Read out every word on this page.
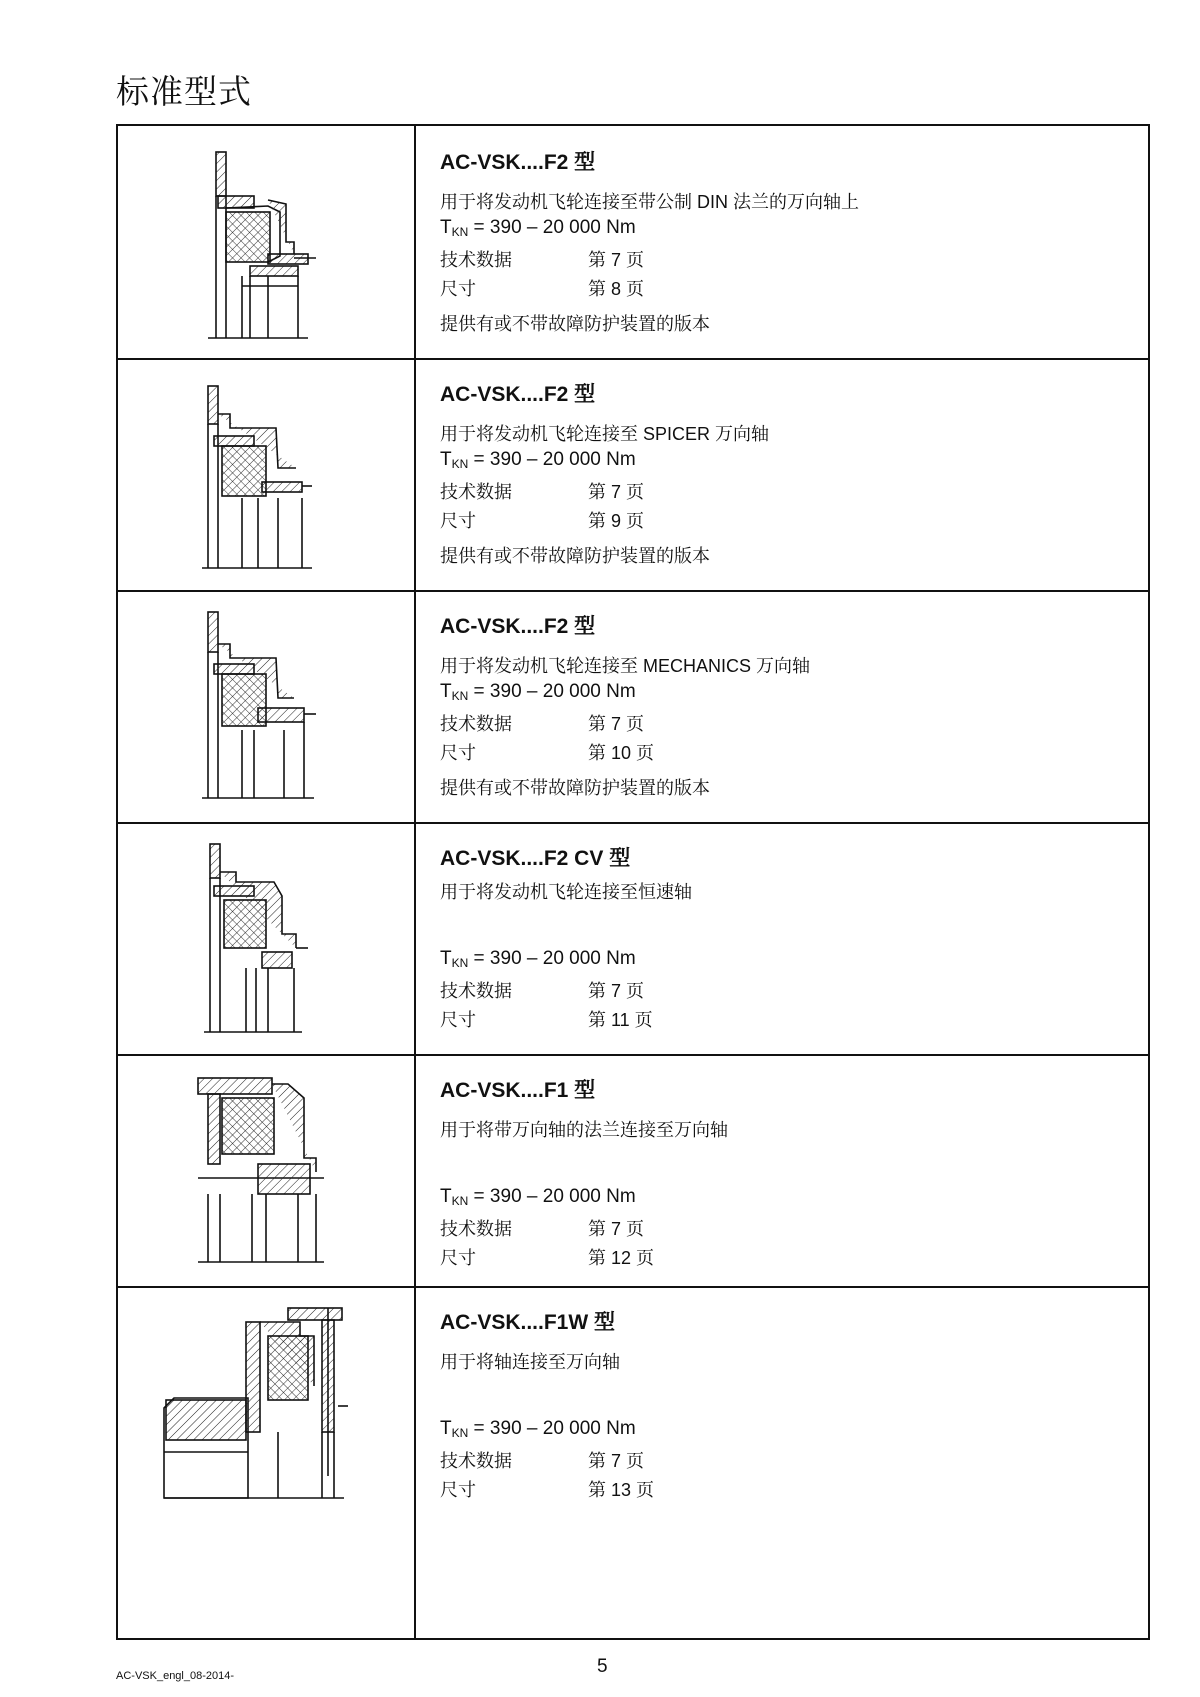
标准型式
AC-VSK....F2 型
用于将发动机飞轮连接至带公制 DIN 法兰的万向轴上
$T_{KN} = 390 - 20$ 000 Nm
技术数据	第 7 页
尺寸	第 8 页
提供有或不带故障防护装置的版本
AC-VSK....F2 型
用于将发动机飞轮连接至 SPICER 万向轴
$T_{KN} = 390 - 20$ 000 Nm
技术数据	第 7 页
尺寸	第 9 页
提供有或不带故障防护装置的版本
AC-VSK....F2 型
用于将发动机飞轮连接至 MECHANICS 万向轴
$T_{KN} = 390 - 20$ 000 Nm
技术数据	第 7 页
尺寸	第 10 页
提供有或不带故障防护装置的版本
AC-VSK....F2 CV 型
用于将发动机飞轮连接至恒速轴
$T_{KN} = 390 - 20$ 000 Nm
技术数据	第 7 页
尺寸	第 11 页
AC-VSK....F1 型
用于将带万向轴的法兰连接至万向轴
$T_{KN} = 390 - 20$ 000 Nm
技术数据	第 7 页
尺寸	第 12 页
AC-VSK....F1W 型
用于将轴连接至万向轴
$T_{KN} = 390 - 20$ 000 Nm
技术数据	第 7 页
尺寸	第 13 页
AC-VSK_engl_08-2014-	5
